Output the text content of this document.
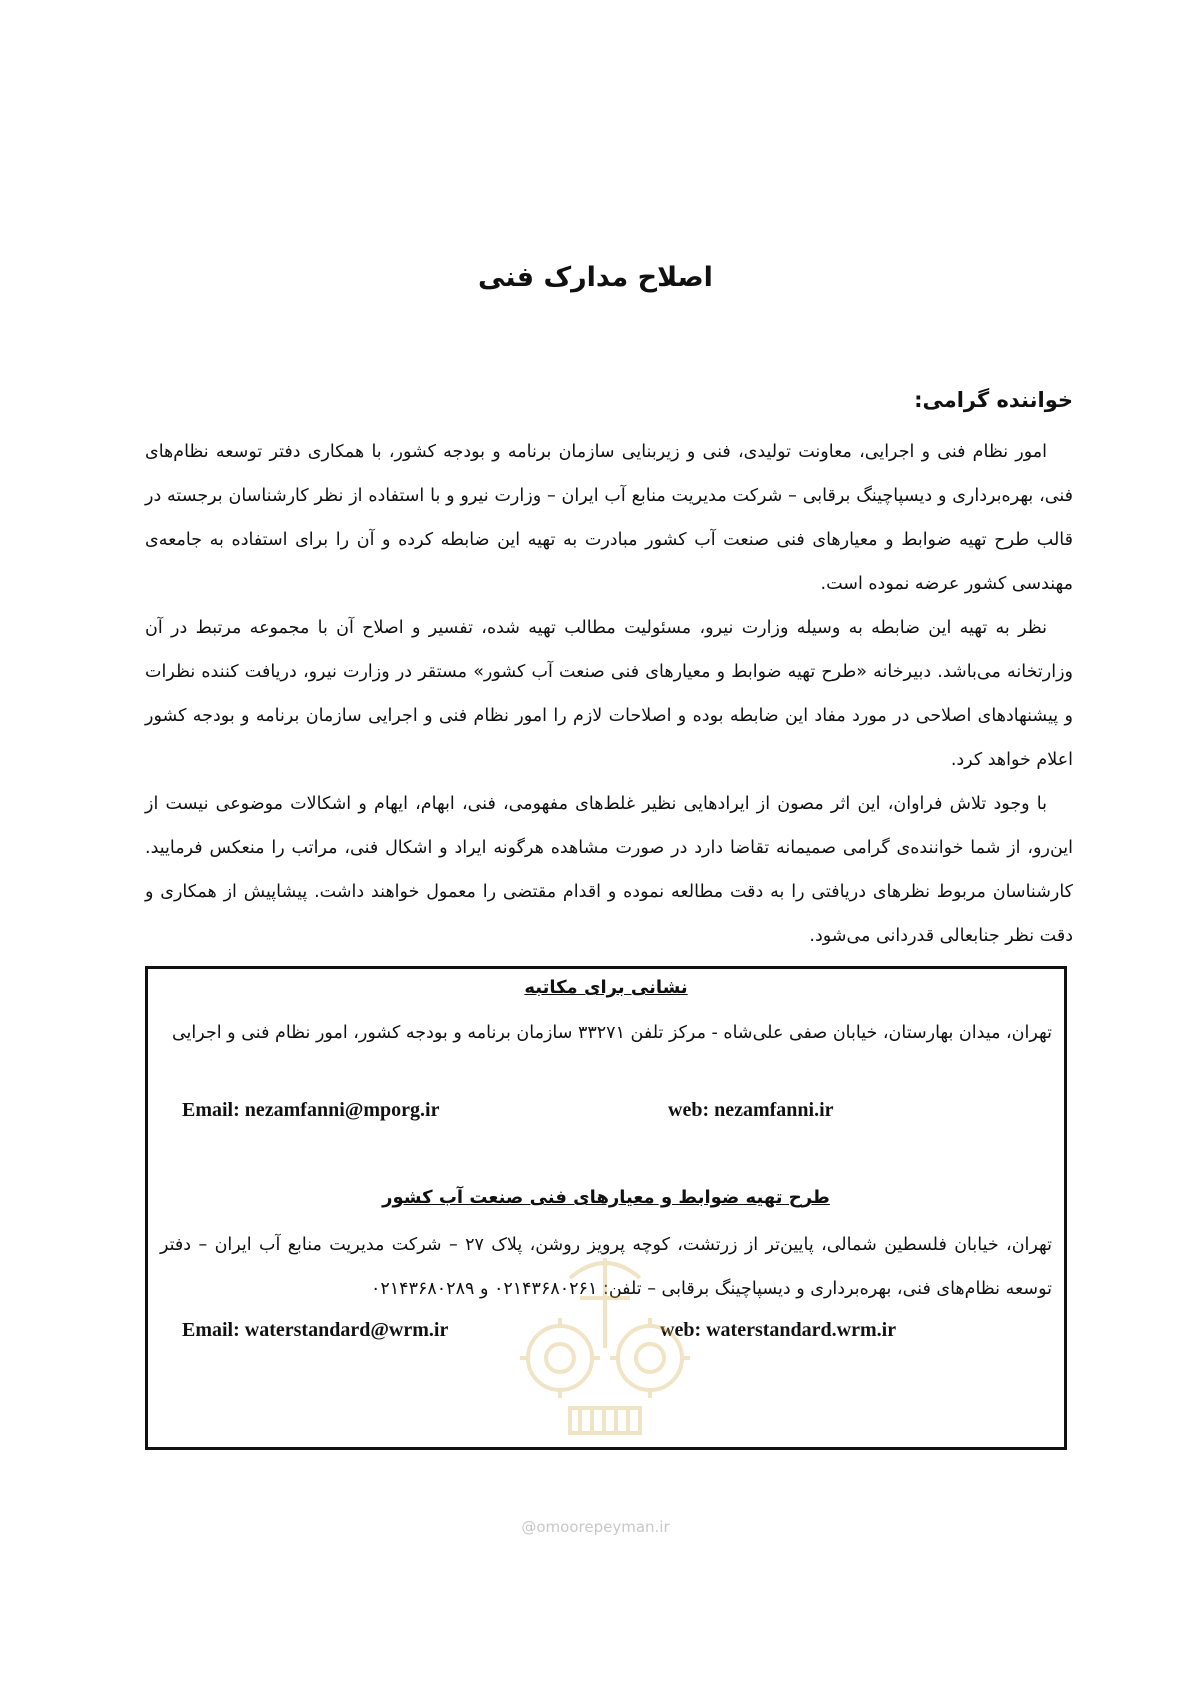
اصلاح مدارک فنی
خواننده گرامی:

امور نظام فنی و اجرایی، معاونت تولیدی، فنی و زیربنایی سازمان برنامه و بودجه کشور، با همکاری دفتر توسعه نظام‌های فنی، بهره‌برداری و دیسپاچینگ برقابی – شرکت مدیریت منابع آب ایران – وزارت نیرو و با استفاده از نظر کارشناسان برجسته در قالب طرح تهیه ضوابط و معیارهای فنی صنعت آب کشور مبادرت به تهیه این ضابطه کرده و آن را برای استفاده به جامعه‌ی مهندسی کشور عرضه نموده است.

نظر به تهیه این ضابطه به وسیله وزارت نیرو، مسئولیت مطالب تهیه شده، تفسیر و اصلاح آن با مجموعه مرتبط در آن وزارتخانه می‌باشد. دبیرخانه «طرح تهیه ضوابط و معیارهای فنی صنعت آب کشور» مستقر در وزارت نیرو، دریافت کننده نظرات و پیشنهادهای اصلاحی در مورد مفاد این ضابطه بوده و اصلاحات لازم را امور نظام فنی و اجرایی سازمان برنامه و بودجه کشور اعلام خواهد کرد.

با وجود تلاش فراوان، این اثر مصون از ایرادهایی نظیر غلط‌های مفهومی، فنی، ابهام، ایهام و اشکالات موضوعی نیست از این‌رو، از شما خواننده‌ی گرامی صمیمانه تقاضا دارد در صورت مشاهده هرگونه ایراد و اشکال فنی، مراتب را منعکس فرمایید. کارشناسان مربوط نظرهای دریافتی را به دقت مطالعه نموده و اقدام مقتضی را معمول خواهند داشت. پیشاپیش از همکاری و دقت نظر جنابعالی قدردانی می‌شود.

نشانی برای مکاتبه

تهران، میدان بهارستان، خیابان صفی علی‌شاه - مرکز تلفن ۳۳۲۷۱ سازمان برنامه و بودجه کشور، امور نظام فنی و اجرایی

Email: nezamfanni@mporg.ir	web: nezamfanni.ir
طرح تهیه ضوابط و معیارهای فنی صنعت آب کشور

تهران، خیابان فلسطین شمالی، پایین‌تر از زرتشت، کوچه پرویز روشن، پلاک ۲۷ – شرکت مدیریت منابع آب ایران – دفتر توسعه نظام‌های فنی، بهره‌برداری و دیسپاچینگ برقابی – تلفن: ۰۲۱۴۳۶۸۰۲۶۱ و ۰۲۱۴۳۶۸۰۲۸۹

Email: waterstandard@wrm.ir	web: waterstandard.wrm.ir
@omoorepeyman.ir
